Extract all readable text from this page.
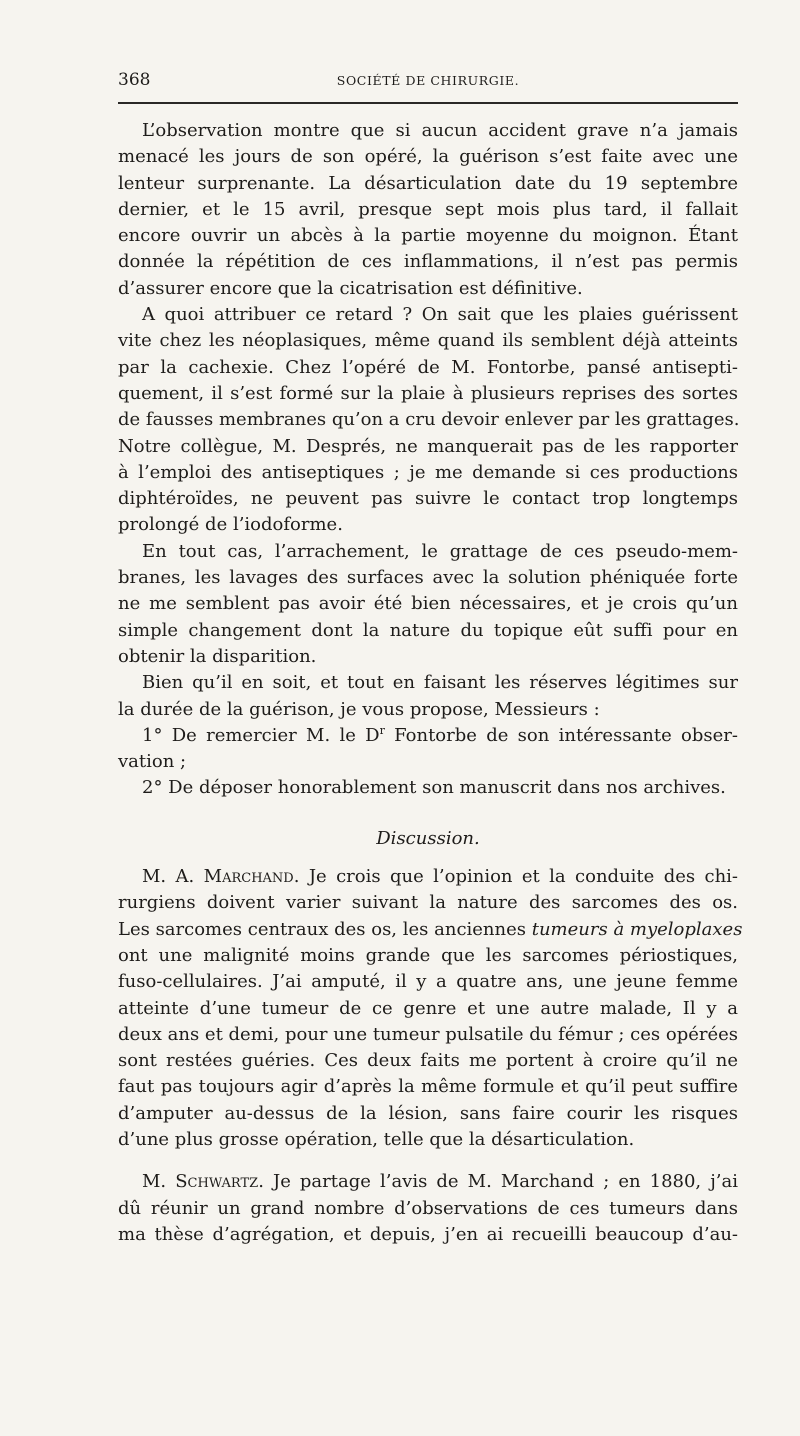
368	SOCIÉTÉ DE CHIRURGIE.
L’observation montre que si aucun accident grave n’a jamais
menacé les jours de son opéré, la guérison s’est faite avec une
lenteur surprenante. La désarticulation date du 19 septembre
dernier, et le 15 avril, presque sept mois plus tard, il fallait
encore ouvrir un abcès à la partie moyenne du moignon. Étant
donnée la répétition de ces inflammations, il n’est pas permis
d’assurer encore que la cicatrisation est définitive.
A quoi attribuer ce retard ? On sait que les plaies guérissent
vite chez les néoplasiques, même quand ils semblent déjà atteints
par la cachexie. Chez l’opéré de M. Fontorbe, pansé antisepti-
quement, il s’est formé sur la plaie à plusieurs reprises des sortes
de fausses membranes qu’on a cru devoir enlever par les grattages.
Notre collègue, M. Després, ne manquerait pas de les rapporter
à l’emploi des antiseptiques ; je me demande si ces productions
diphtéroïdes, ne peuvent pas suivre le contact trop longtemps
prolongé de l’iodoforme.
En tout cas, l’arrachement, le grattage de ces pseudo-mem-
branes, les lavages des surfaces avec la solution phéniquée forte
ne me semblent pas avoir été bien nécessaires, et je crois qu’un
simple changement dont la nature du topique eût suffi pour en
obtenir la disparition.
Bien qu’il en soit, et tout en faisant les réserves légitimes sur
la durée de la guérison, je vous propose, Messieurs :
1° De remercier M. le $D^r$ Fontorbe de son intéressante obser-
vation ;
2° De déposer honorablement son manuscrit dans nos archives.
Discussion.
M. A. Marchand. Je crois que l’opinion et la conduite des chi-
rurgiens doivent varier suivant la nature des sarcomes des os.
Les sarcomes centraux des os, les anciennes tumeurs à myeloplaxes
ont une malignité moins grande que les sarcomes périostiques,
fuso-cellulaires. J’ai amputé, il y a quatre ans, une jeune femme
atteinte d’une tumeur de ce genre et une autre malade, Il y a
deux ans et demi, pour une tumeur pulsatile du fémur ; ces opérées
sont restées guéries. Ces deux faits me portent à croire qu’il ne
faut pas toujours agir d’après la même formule et qu’il peut suffire
d’amputer au-dessus de la lésion, sans faire courir les risques
d’une plus grosse opération, telle que la désarticulation.
M. Schwartz. Je partage l’avis de M. Marchand ; en 1880, j’ai
dû réunir un grand nombre d’observations de ces tumeurs dans
ma thèse d’agrégation, et depuis, j’en ai recueilli beaucoup d’au-
